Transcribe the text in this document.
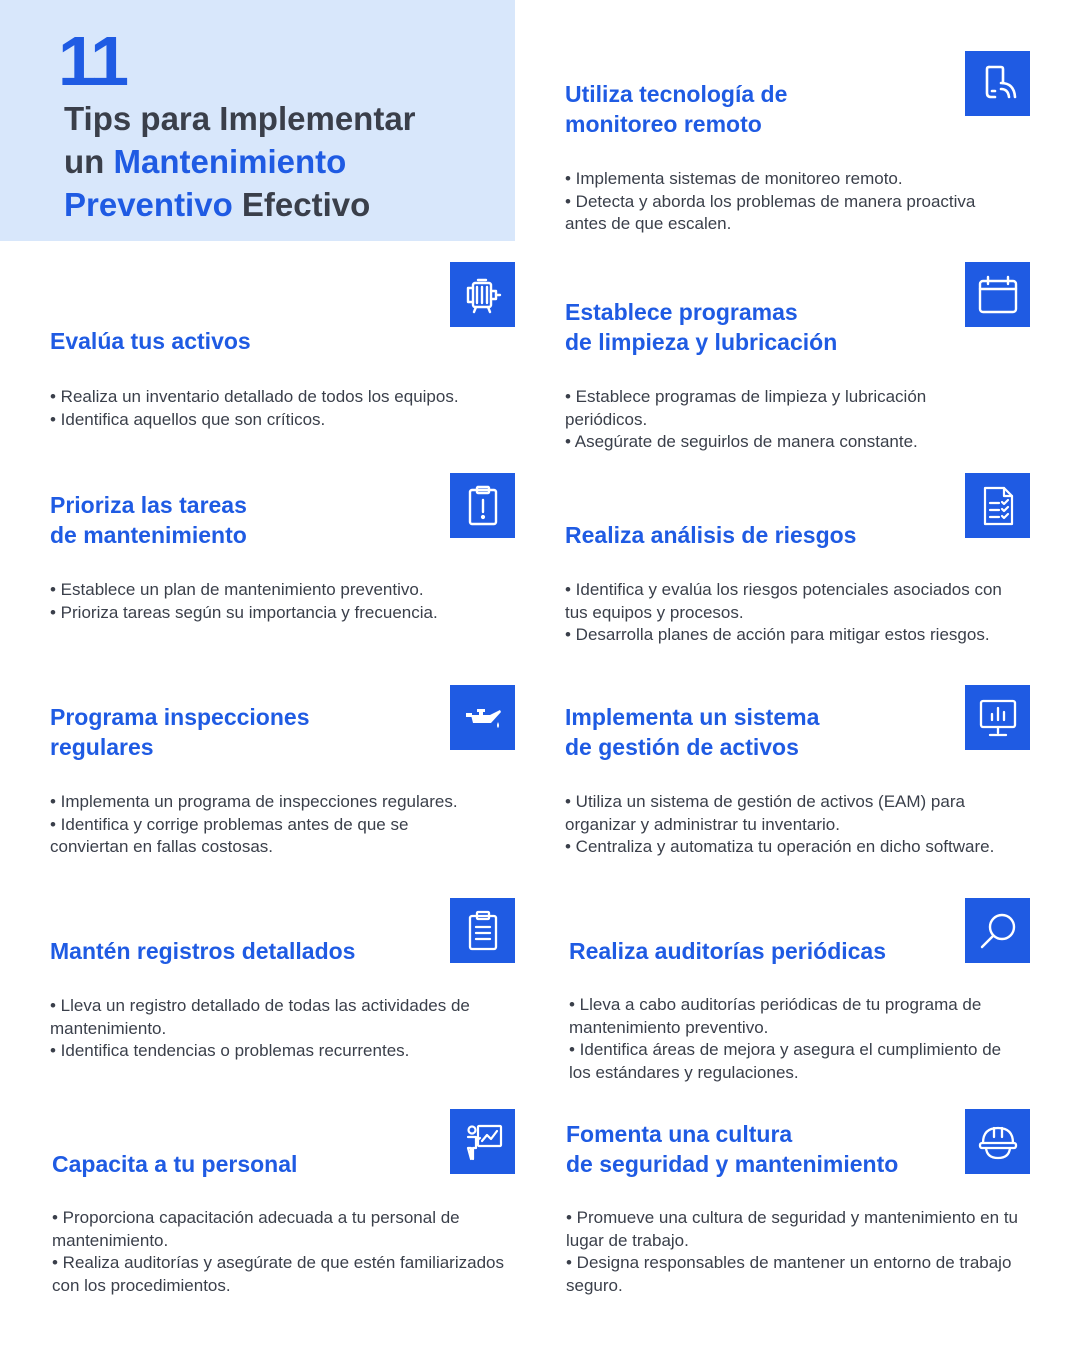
11
Tips para Implementar
un Mantenimiento
Preventivo Efectivo
Utiliza tecnología de
monitoreo remoto
• Implementa sistemas de monitoreo remoto.
• Detecta y aborda los problemas de manera proactiva antes de que escalen.
Evalúa tus activos
• Realiza un inventario detallado de todos los equipos.
• Identifica aquellos que son críticos.
Establece programas
de limpieza y lubricación
• Establece programas de limpieza y lubricación periódicos.
• Asegúrate de seguirlos de manera constante.
Prioriza las tareas
de mantenimiento
• Establece un plan de mantenimiento preventivo.
• Prioriza tareas según su importancia y frecuencia.
Realiza análisis de riesgos
• Identifica y evalúa los riesgos potenciales asociados con tus equipos y procesos.
• Desarrolla planes de acción para mitigar estos riesgos.
Programa inspecciones
regulares
• Implementa un programa de inspecciones regulares.
• Identifica y corrige problemas antes de que se conviertan en fallas costosas.
Implementa un sistema
de gestión de activos
• Utiliza un sistema de gestión de activos (EAM) para organizar y administrar tu inventario.
• Centraliza y automatiza tu operación en dicho software.
Mantén registros detallados
• Lleva un registro detallado de todas las actividades de mantenimiento.
• Identifica tendencias o problemas recurrentes.
Realiza auditorías periódicas
• Lleva a cabo auditorías periódicas de tu programa de mantenimiento preventivo.
• Identifica áreas de mejora y asegura el cumplimiento de los estándares y regulaciones.
Capacita a tu personal
• Proporciona capacitación adecuada a tu personal de mantenimiento.
• Realiza auditorías y asegúrate de que estén familiarizados con los procedimientos.
Fomenta una cultura
de seguridad y mantenimiento
• Promueve una cultura de seguridad y mantenimiento en tu lugar de trabajo.
• Designa responsables de mantener un entorno de trabajo seguro.
